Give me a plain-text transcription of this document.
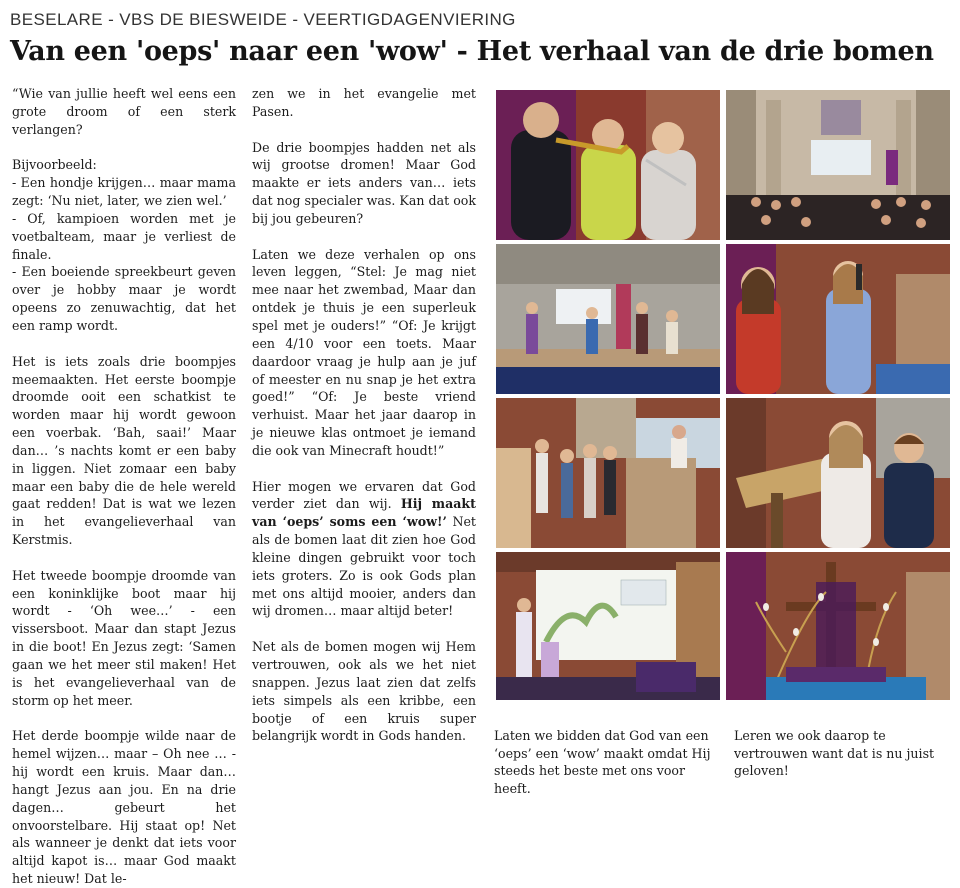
BESELARE - VBS DE BIESWEIDE - VEERTIGDAGENVIERING
Van een 'oeps' naar een 'wow' - Het verhaal van de drie bomen

“Wie van jullie heeft wel eens een grote droom of een sterk verlangen?

Bijvoorbeeld:
- Een hondje krijgen… maar mama zegt: ‘Nu niet, later, we zien wel.’
- Of, kampioen worden met je voetbalteam, maar je verliest de finale.
- Een boeiende spreekbeurt geven over je hobby maar je wordt opeens zo zenuwachtig, dat het een ramp wordt.

Het is iets zoals drie boompjes meemaakten. Het eerste boompje droomde ooit een schatkist te worden maar hij wordt gewoon een voerbak. ‘Bah, saai!’ Maar dan… ’s nachts komt er een baby in liggen. Niet zomaar een baby maar een baby die de hele wereld gaat redden! Dat is wat we lezen in het evangelieverhaal van Kerstmis.

Het tweede boompje droomde van een koninklijke boot maar hij wordt - ‘Oh wee…’ - een vissersboot. Maar dan stapt Jezus in die boot! En Jezus zegt: ‘Samen gaan we het meer stil maken! Het is het evangelieverhaal van de storm op het meer.

Het derde boompje wilde naar de hemel wijzen… maar – Oh nee … - hij wordt een kruis. Maar dan… hangt Jezus aan jou. En na drie dagen… gebeurt het onvoorstelbare. Hij staat op! Net als wanneer je denkt dat iets voor altijd kapot is… maar God maakt het nieuw! Dat le-

zen we in het evangelie met Pasen.

De drie boompjes hadden net als wij grootse dromen! Maar God maakte er iets anders van… iets dat nog specialer was. Kan dat ook bij jou gebeuren?

Laten we deze verhalen op ons leven leggen, “Stel: Je mag niet mee naar het zwembad, Maar dan ontdek je thuis je een superleuk spel met je ouders!” “Of: Je krijgt een 4/10 voor een toets. Maar daardoor vraag je hulp aan je juf of meester en nu snap je het extra goed!” “Of: Je beste vriend verhuist. Maar het jaar daarop in je nieuwe klas ontmoet je iemand die ook van Minecraft houdt!”

Hier mogen we ervaren dat God verder ziet dan wij. Hij maakt van ‘oeps’ soms een ‘wow!’ Net als de bomen laat dit zien hoe God kleine dingen gebruikt voor toch iets groters. Zo is ook Gods plan met ons altijd mooier, anders dan wij dromen… maar altijd beter!

Net als de bomen mogen wij Hem vertrouwen, ook als we het niet snappen. Jezus laat zien dat zelfs iets simpels als een kribbe, een bootje of een kruis super belangrijk wordt in Gods handen.	Laten we bidden dat God van een ‘oeps’ een ‘wow’ maakt omdat Hij steeds het beste met ons voor heeft.
Leren we ook daarop te vertrouwen want dat is nu juist geloven!
